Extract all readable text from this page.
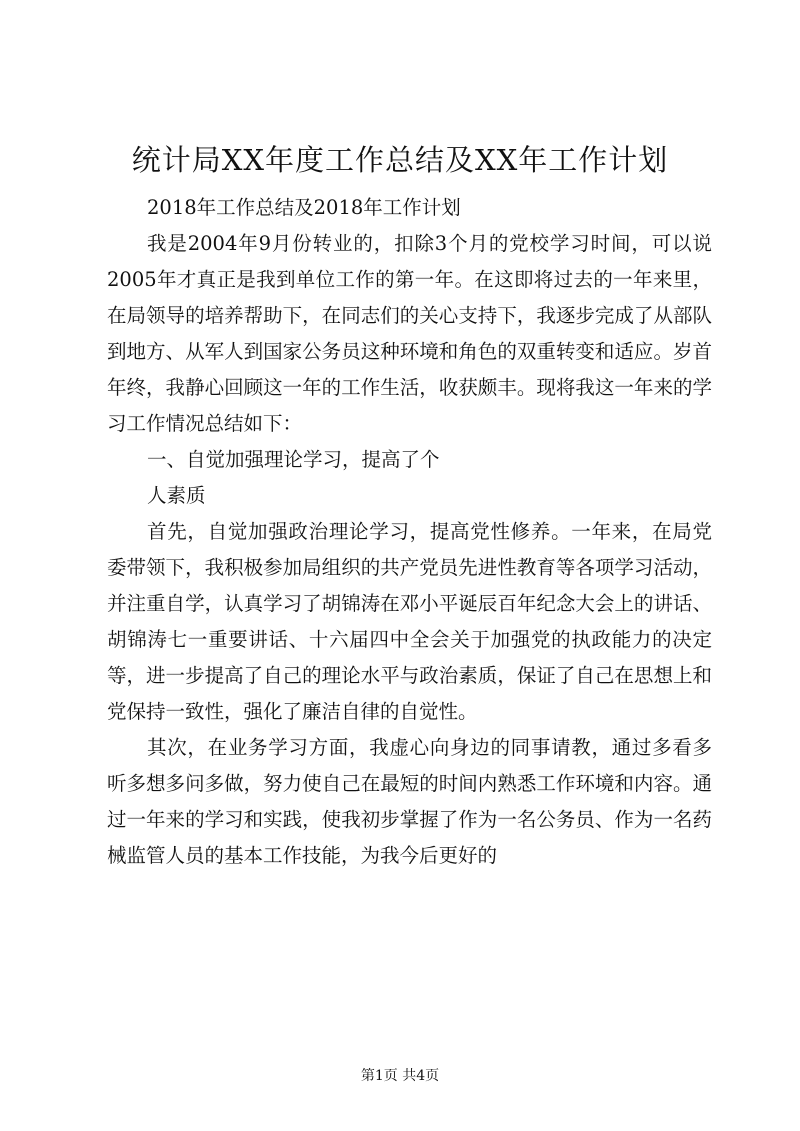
统计局XX年度工作总结及XX年工作计划

2018年工作总结及2018年工作计划

我是2004年9月份转业的，扣除3个月的党校学习时间，可以说2005年才真正是我到单位工作的第一年。在这即将过去的一年来里，在局领导的培养帮助下，在同志们的关心支持下，我逐步完成了从部队到地方、从军人到国家公务员这种环境和角色的双重转变和适应。岁首年终，我静心回顾这一年的工作生活，收获颇丰。现将我这一年来的学习工作情况总结如下：

一、自觉加强理论学习，提高了个

人素质

首先，自觉加强政治理论学习，提高党性修养。一年来，在局党委带领下，我积极参加局组织的共产党员先进性教育等各项学习活动，并注重自学，认真学习了胡锦涛在邓小平诞辰百年纪念大会上的讲话、胡锦涛七一重要讲话、十六届四中全会关于加强党的执政能力的决定等，进一步提高了自己的理论水平与政治素质，保证了自己在思想上和党保持一致性，强化了廉洁自律的自觉性。

其次，在业务学习方面，我虚心向身边的同事请教，通过多看多听多想多问多做，努力使自己在最短的时间内熟悉工作环境和内容。通过一年来的学习和实践，使我初步掌握了作为一名公务员、作为一名药械监管人员的基本工作技能，为我今后更好的

第1页 共4页
